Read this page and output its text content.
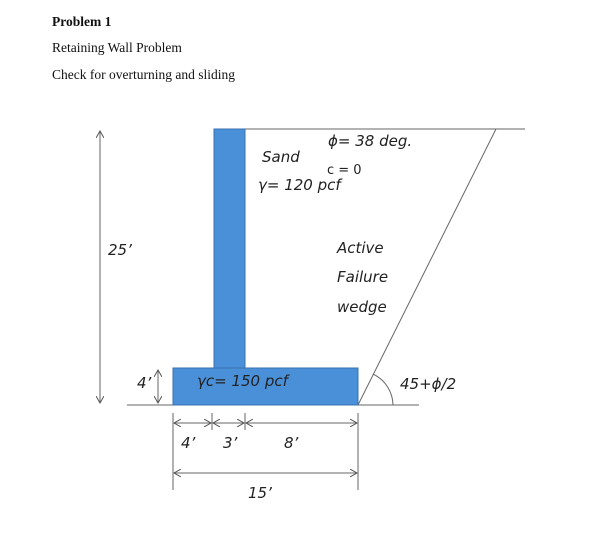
Problem 1
Retaining Wall Problem
Check for overturning and sliding
Sand
ϕ= 38 deg.
c = 0
γ= 120 pcf
Active
Failure
wedge
γc= 150 pcf	45+ϕ/2
25’
4’
4’ 3’	8’
15’
